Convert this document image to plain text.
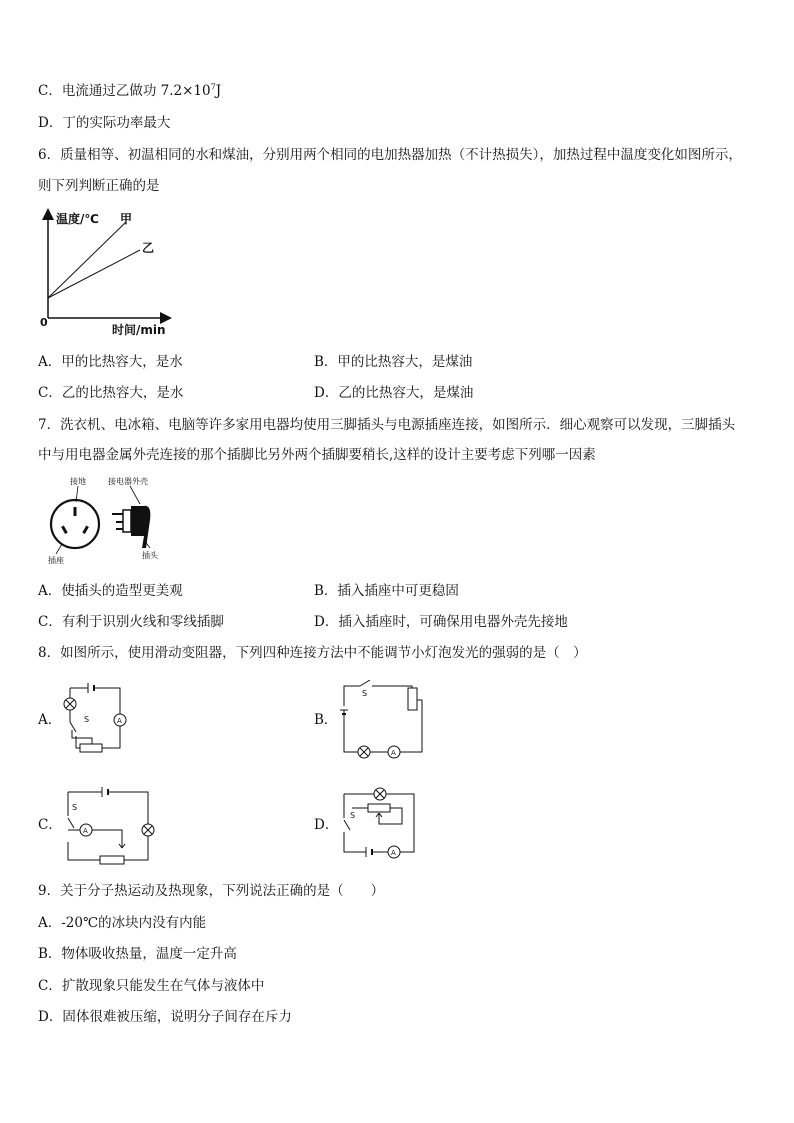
C．电流通过乙做功 $7.2\times 10^7J$
D．丁的实际功率最大
6．质量相等、初温相同的水和煤油，分别用两个相同的电加热器加热（不计热损失），加热过程中温度变化如图所示，
则下列判断正确的是
温度/℃ 甲
乙
0
时间/min
A．甲的比热容大，是水	B．甲的比热容大，是煤油
C．乙的比热容大，是水	D．乙的比热容大，是煤油
7．洗衣机、电冰箱、电脑等许多家用电器均使用三脚插头与电源插座连接，如图所示．细心观察可以发现，三脚插头
中与用电器金属外壳连接的那个插脚比另外两个插脚要稍长,这样的设计主要考虑下列哪一因素
接地	接电器外壳
插座
插头
A．使插头的造型更美观	B．插入插座中可更稳固
C．有利于识别火线和零线插脚	D．插入插座时，可确保用电器外壳先接地
8．如图所示，使用滑动变阻器，下列四种连接方法中不能调节小灯泡发光的强弱的是（　）
A．	S	A	B．
S
A
C．
S
A	D．
S
A
9．关于分子热运动及热现象，下列说法正确的是（　　）
A．-20℃的冰块内没有内能
B．物体吸收热量，温度一定升高
C．扩散现象只能发生在气体与液体中
D．固体很难被压缩，说明分子间存在斥力
